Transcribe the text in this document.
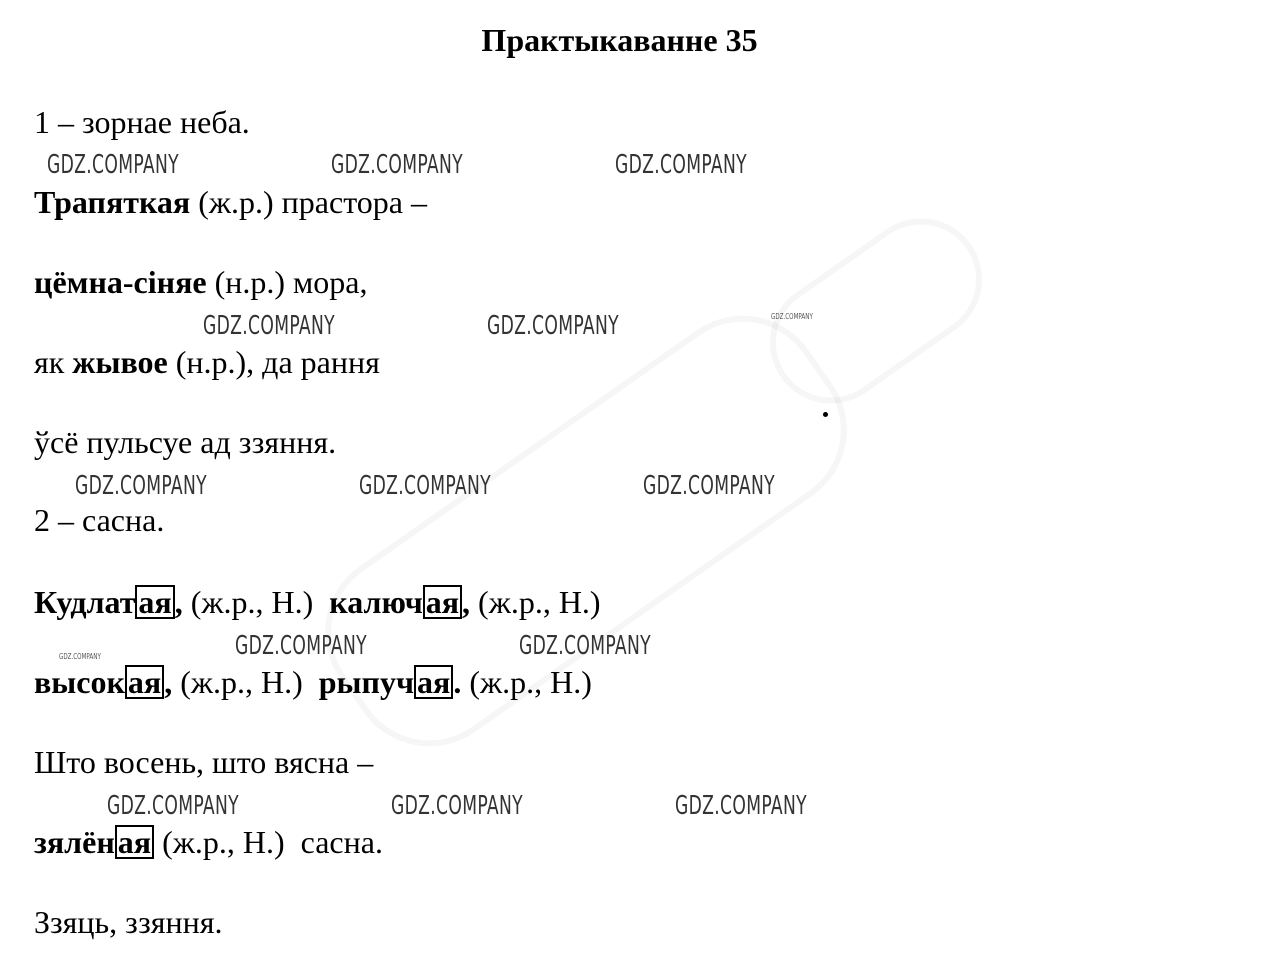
Практыкаванне 35
1 – зорнае неба.
Трапяткая (ж.р.) прастора –
цёмна-сіняе (н.р.) мора,
як жывое (н.р.), да рання
ўсё пульсуе ад ззяння.
2 – сасна.
Кудлатая, (ж.р., Н.)  калючая, (ж.р., Н.)
высокая, (ж.р., Н.)  рыпучая. (ж.р., Н.)
Што восень, што вясна –
зялёная (ж.р., Н.)  сасна.
Ззяць, ззяння.
GDZ.COMPANY	GDZ.COMPANY	GDZ.COMPANY
GDZ.COMPANY	GDZ.COMPANY	GDZ.COMPANY
GDZ.COMPANY	GDZ.COMPANY	GDZ.COMPANY
GDZ.COMPANY	GDZ.COMPANY
GDZ.COMPANY
GDZ.COMPANY	GDZ.COMPANY	GDZ.COMPANY
